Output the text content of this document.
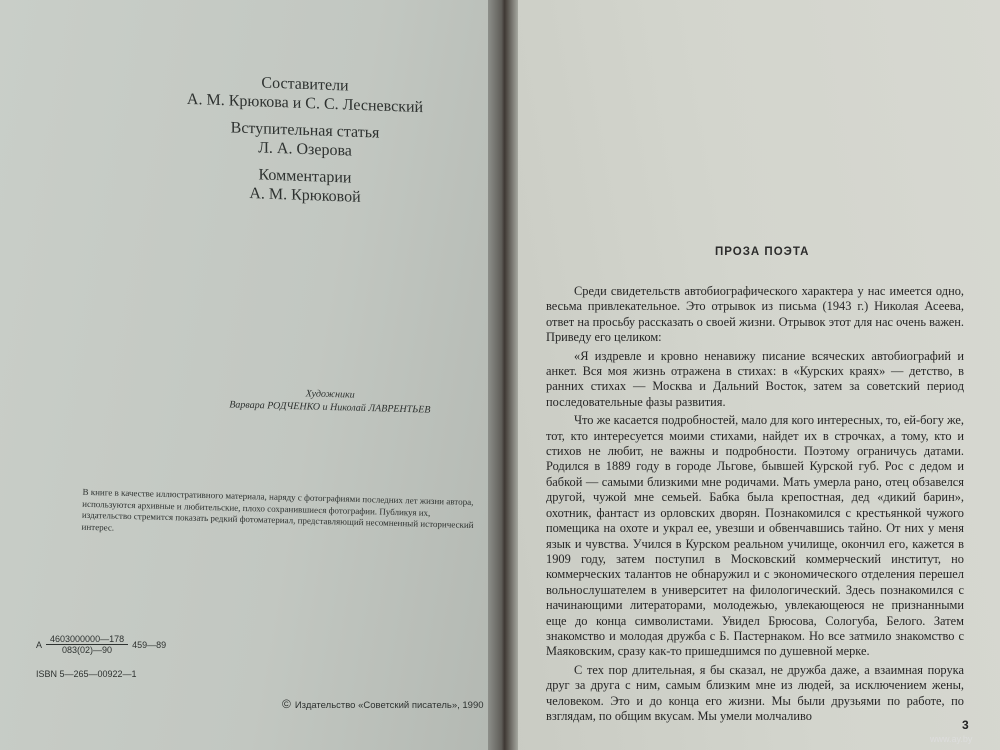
Составители
А. М. Крюкова и С. С. Лесневский
Вступительная статья
Л. А. Озерова
Комментарии
А. М. Крюковой
Художники
Варвара РОДЧЕНКО и Николай ЛАВРЕНТЬЕВ
В книге в качестве иллюстративного материала, наряду с фотографиями последних лет жизни автора, используются архивные и любительские, плохо сохранившиеся фотографии. Публикуя их, издательство стремится показать редкий фотоматериал, представляющий несомненный исторический интерес.
А $\frac{4603000000—178}{083(02)—90}$ 459—89
ISBN 5—265—00922—1
© Издательство «Советский писатель», 1990
ПРОЗА ПОЭТА

Среди свидетельств автобиографического характера у нас имеется одно, весьма привлекательное. Это отрывок из письма (1943 г.) Николая Асеева, ответ на просьбу рассказать о своей жизни. Отрывок этот для нас очень важен. Приведу его целиком:

«Я издревле и кровно ненавижу писание всяческих автобиографий и анкет. Вся моя жизнь отражена в стихах: в «Курских краях» — детство, в ранних стихах — Москва и Дальний Восток, затем за советский период последовательные фазы развития.

Что же касается подробностей, мало для кого интересных, то, ей-богу же, тот, кто интересуется моими стихами, найдет их в строчках, а тому, кто и стихов не любит, не важны и подробности. Поэтому ограничусь датами. Родился в 1889 году в городе Льгове, бывшей Курской губ. Рос с дедом и бабкой — самыми близкими мне родичами. Мать умерла рано, отец обзавелся другой, чужой мне семьей. Бабка была крепостная, дед «дикий барин», охотник, фантаст из орловских дворян. Познакомился с крестьянкой чужого помещика на охоте и украл ее, увезши и обвенчавшись тайно. От них у меня язык и чувства. Учился в Курском реальном училище, окончил его, кажется в 1909 году, затем поступил в Московский коммерческий институт, но коммерческих талантов не обнаружил и с экономического отделения перешел вольнослушателем в университет на филологический. Здесь познакомился с начинающими литераторами, молодежью, увлекающеюся не признанными еще до конца символистами. Увидел Брюсова, Сологуба, Белого. Затем знакомство и молодая дружба с Б. Пастернаком. Но все затмило знакомство с Маяковским, сразу как-то пришедшимся по душевной мерке.

С тех пор длительная, я бы сказал, не дружба даже, а взаимная порука друг за друга с ним, самым близким мне из людей, за исключением жены, человеком. Это и до конца его жизни. Мы были друзьями по работе, по взглядам, по общим вкусам. Мы умели молчаливо

3
www.ay.by
